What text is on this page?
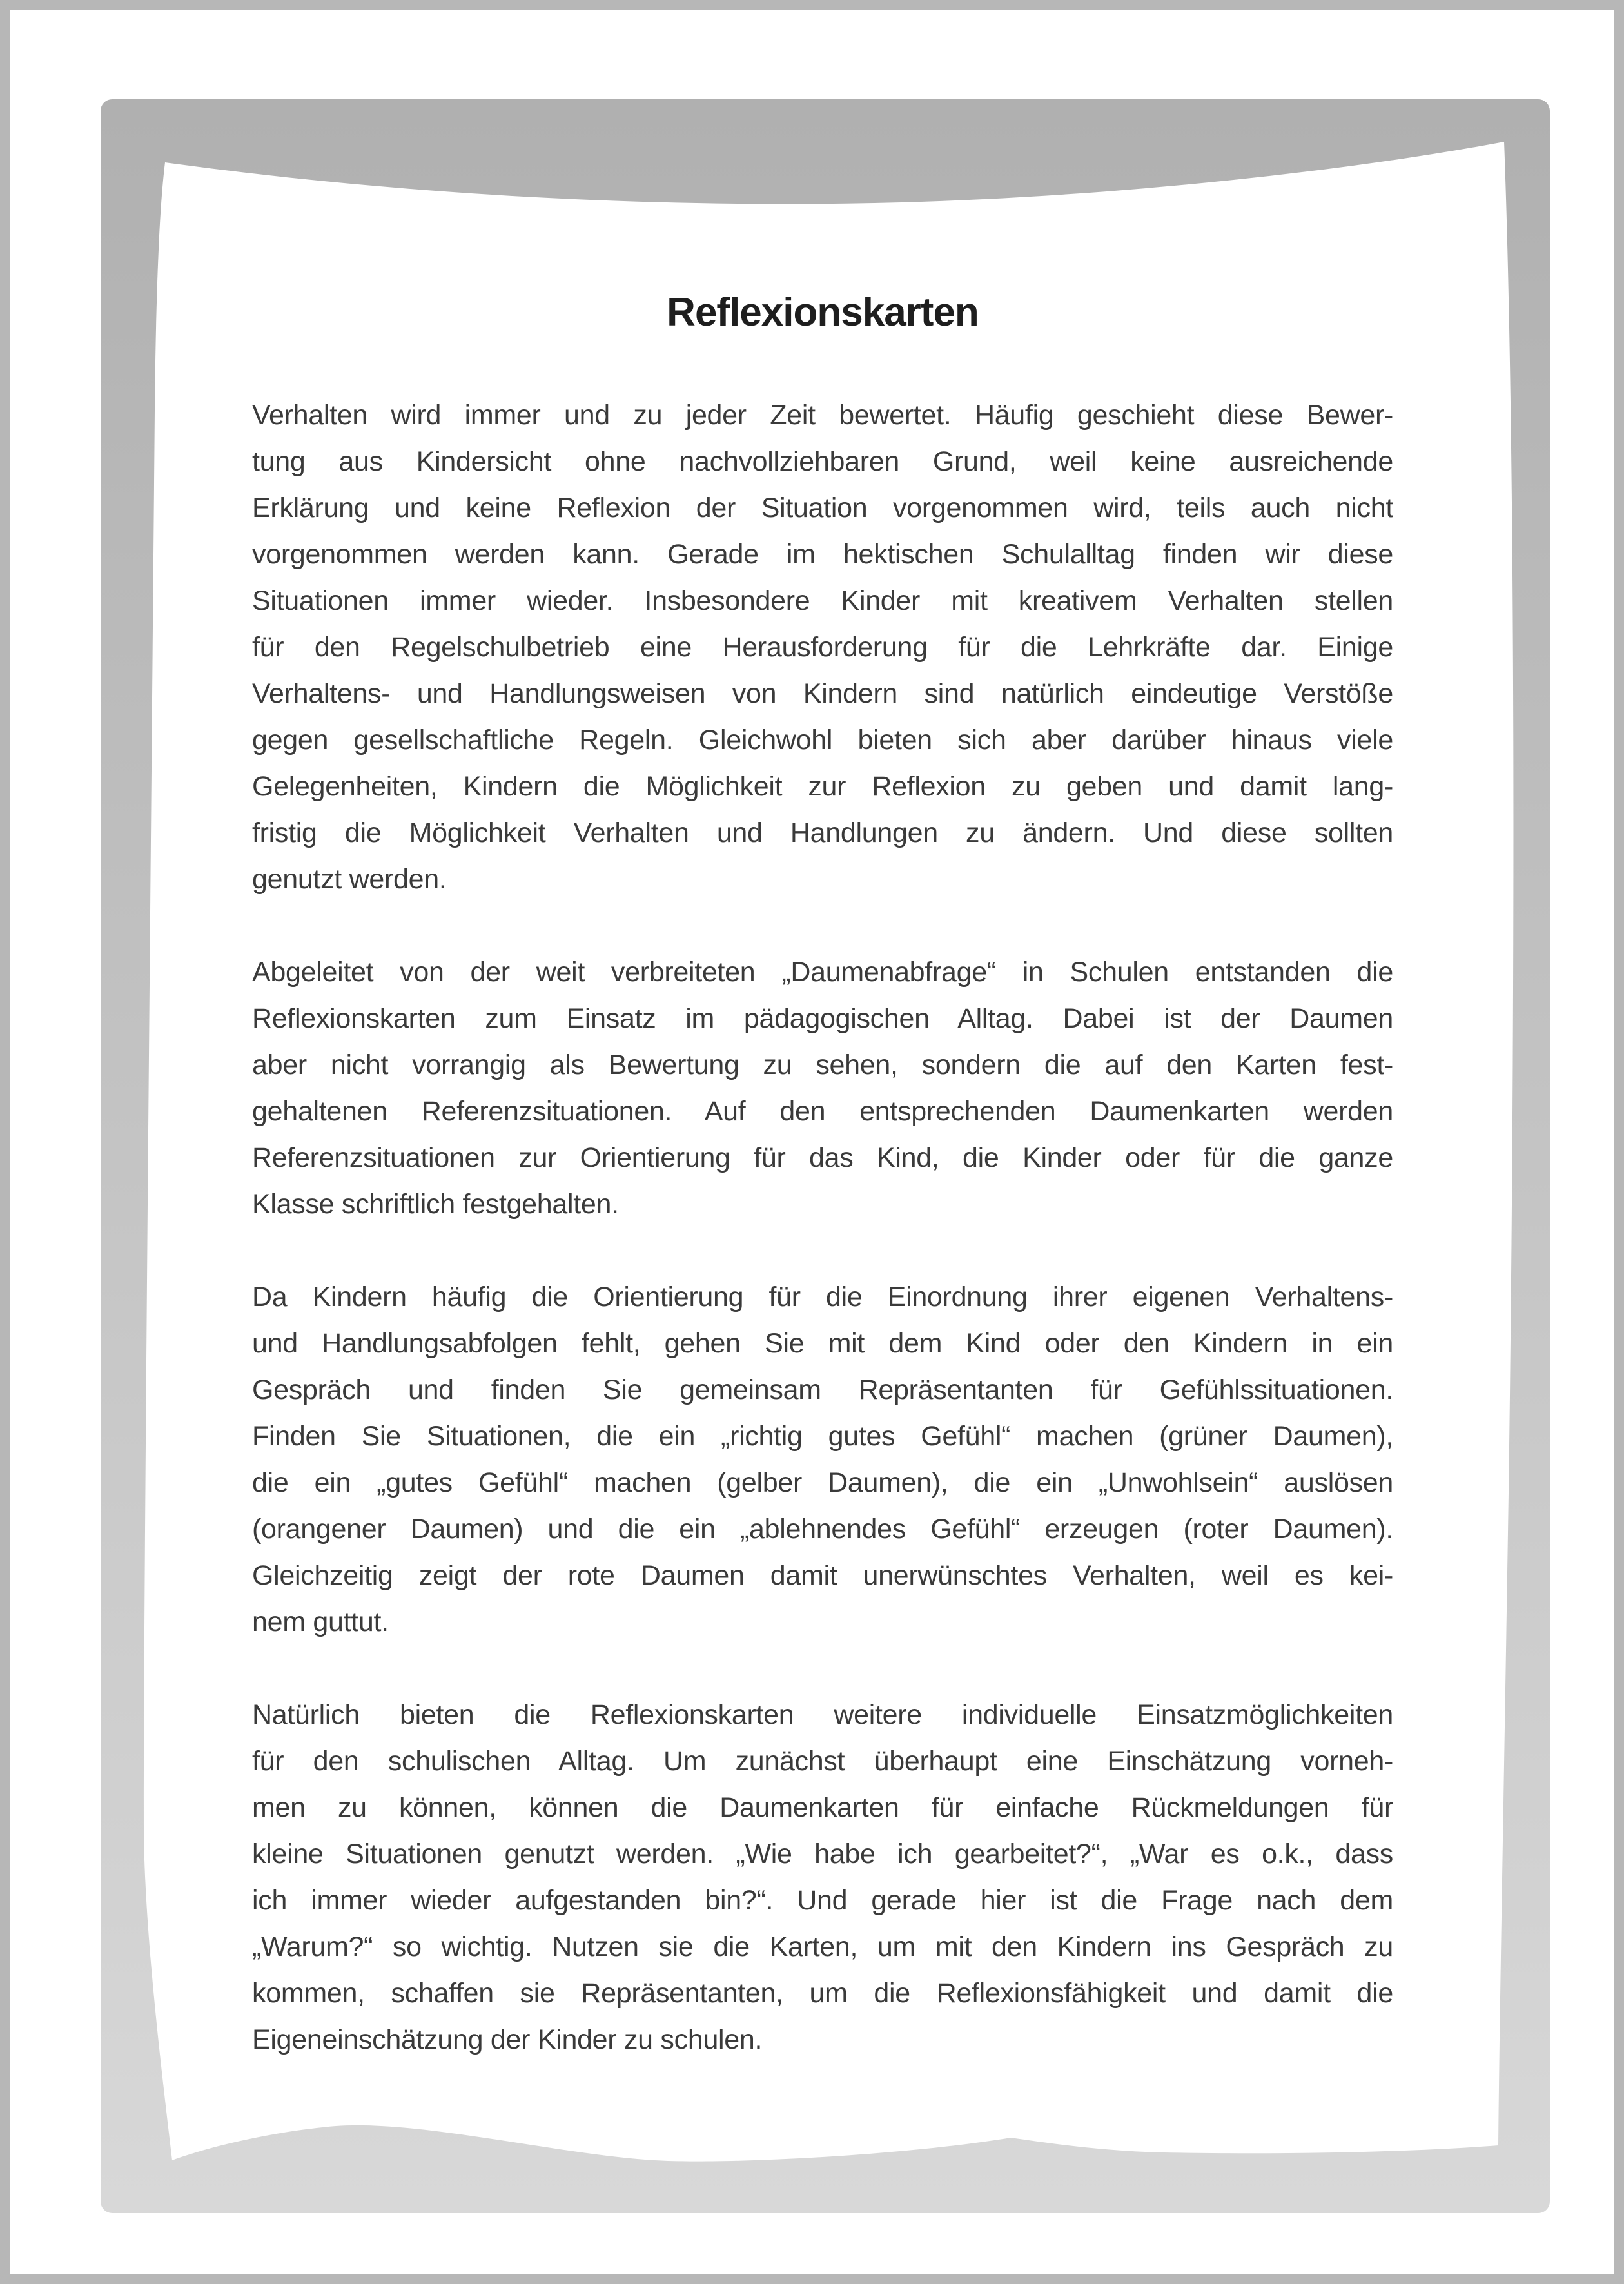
Reflexionskarten
Verhalten wird immer und zu jeder Zeit bewertet. Häufig geschieht diese Bewer-
tung aus Kindersicht ohne nachvollziehbaren Grund, weil keine ausreichende
Erklärung und keine Reflexion der Situation vorgenommen wird, teils auch nicht
vorgenommen werden kann. Gerade im hektischen Schulalltag finden wir diese
Situationen immer wieder. Insbesondere Kinder mit kreativem Verhalten stellen
für den Regelschulbetrieb eine Herausforderung für die Lehrkräfte dar. Einige
Verhaltens- und Handlungsweisen von Kindern sind natürlich eindeutige Verstöße
gegen gesellschaftliche Regeln. Gleichwohl bieten sich aber darüber hinaus viele
Gelegenheiten, Kindern die Möglichkeit zur Reflexion zu geben und damit lang-
fristig die Möglichkeit Verhalten und Handlungen zu ändern. Und diese sollten
genutzt werden.
Abgeleitet von der weit verbreiteten „Daumenabfrage“ in Schulen entstanden die
Reflexionskarten zum Einsatz im pädagogischen Alltag. Dabei ist der Daumen
aber nicht vorrangig als Bewertung zu sehen, sondern die auf den Karten fest-
gehaltenen Referenzsituationen. Auf den entsprechenden Daumenkarten werden
Referenzsituationen zur Orientierung für das Kind, die Kinder oder für die ganze
Klasse schriftlich festgehalten.
Da Kindern häufig die Orientierung für die Einordnung ihrer eigenen Verhaltens-
und Handlungsabfolgen fehlt, gehen Sie mit dem Kind oder den Kindern in ein
Gespräch und finden Sie gemeinsam Repräsentanten für Gefühlssituationen.
Finden Sie Situationen, die ein „richtig gutes Gefühl“ machen (grüner Daumen),
die ein „gutes Gefühl“ machen (gelber Daumen), die ein „Unwohlsein“ auslösen
(orangener Daumen) und die ein „ablehnendes Gefühl“ erzeugen (roter Daumen).
Gleichzeitig zeigt der rote Daumen damit unerwünschtes Verhalten, weil es kei-
nem guttut.
Natürlich bieten die Reflexionskarten weitere individuelle Einsatzmöglichkeiten
für den schulischen Alltag. Um zunächst überhaupt eine Einschätzung vorneh-
men zu können, können die Daumenkarten für einfache Rückmeldungen für
kleine Situationen genutzt werden. „Wie habe ich gearbeitet?“, „War es o.k., dass
ich immer wieder aufgestanden bin?“. Und gerade hier ist die Frage nach dem
„Warum?“ so wichtig. Nutzen sie die Karten, um mit den Kindern ins Gespräch zu
kommen, schaffen sie Repräsentanten, um die Reflexionsfähigkeit und damit die
Eigeneinschätzung der Kinder zu schulen.
